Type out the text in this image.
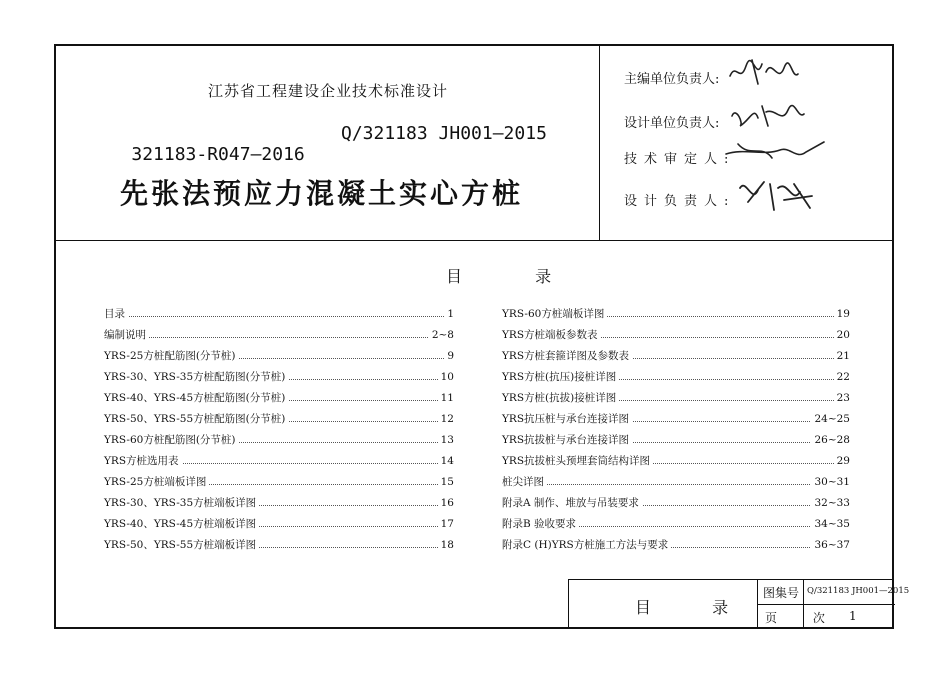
江苏省工程建设企业技术标准设计

321183-R047—2016

Q/321183 JH001—2015

先张法预应力混凝土实心方桩
主编单位负责人:
设计单位负责人:
技术审定人:
设计负责人:
目 录
目录	1
编制说明	2~8
YRS-25方桩配筋图(分节桩)	9
YRS-30、YRS-35方桩配筋图(分节桩)	10
YRS-40、YRS-45方桩配筋图(分节桩)	11
YRS-50、YRS-55方桩配筋图(分节桩)	12
YRS-60方桩配筋图(分节桩)	13
YRS方桩选用表	14
YRS-25方桩端板详图	15
YRS-30、YRS-35方桩端板详图	16
YRS-40、YRS-45方桩端板详图	17
YRS-50、YRS-55方桩端板详图	18
YRS-60方桩端板详图	19
YRS方桩端板参数表	20
YRS方桩套箍详图及参数表	21
YRS方桩(抗压)接桩详图	22
YRS方桩(抗拔)接桩详图	23
YRS抗压桩与承台连接详图	24~25
YRS抗拔桩与承台连接详图	26~28
YRS抗拔桩头预埋套筒结构详图	29
桩尖详图	30~31
附录A 制作、堆放与吊装要求	32~33
附录B 验收要求	34~35
附录C (H)YRS方桩施工方法与要求	36~37
目 录
图集号 Q/321183 JH001—2015
页 次 1
